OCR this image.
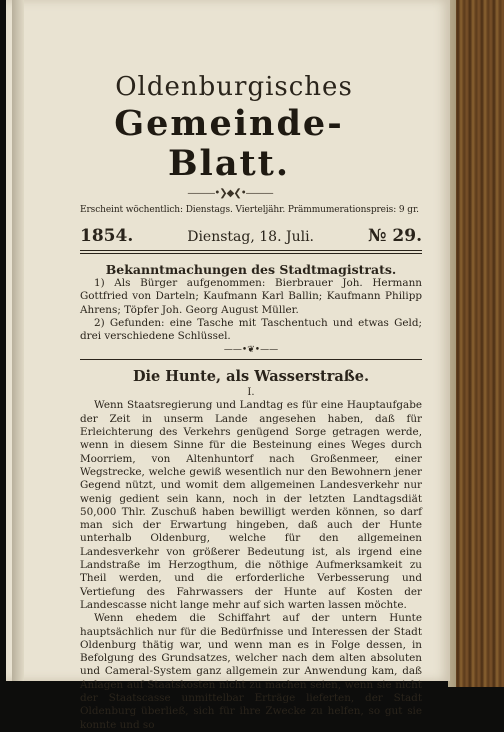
Oldenburgisches
Gemeinde-Blatt.
———•❯◆❮•———
Erscheint wöchentlich: Dienstags. Vierteljähr. Prämmumerationspreis: 9 gr.
1854.	Dienstag, 18. Juli.	№ 29.
Bekanntmachungen des Stadtmagistrats.
1) Als Bürger aufgenommen: Bierbrauer Joh. Hermann Gottfried von Darteln; Kaufmann Karl Ballin; Kaufmann Philipp Ahrens; Töpfer Joh. Georg August Müller.
2) Gefunden: eine Tasche mit Taschentuch und etwas Geld; drei verschiedene Schlüssel.
——•❦•——
Die Hunte, als Wasserstraße.
I.
Wenn Staatsregierung und Landtag es für eine Hauptaufgabe der Zeit in unserm Lande angesehen haben, daß für Erleichterung des Verkehrs genügend Sorge getragen werde, wenn in diesem Sinne für die Besteinung eines Weges durch Moorriem, von Altenhuntorf nach Großenmeer, einer Wegstrecke, welche gewiß wesentlich nur den Bewohnern jener Gegend nützt, und womit dem allgemeinen Landesverkehr nur wenig gedient sein kann, noch in der letzten Landtagsdiät 50,000 Thlr. Zuschuß haben bewilligt werden können, so darf man sich der Erwartung hingeben, daß auch der Hunte unterhalb Oldenburg, welche für den allgemeinen Landesverkehr von größerer Bedeutung ist, als irgend eine Landstraße im Herzogthum, die nöthige Aufmerksamkeit zu Theil werden, und die erforderliche Verbesserung und Vertiefung des Fahrwassers der Hunte auf Kosten der Landescasse nicht lange mehr auf sich warten lassen möchte.
Wenn ehedem die Schiffahrt auf der untern Hunte hauptsächlich nur für die Bedürfnisse und Interessen der Stadt Oldenburg thätig war, und wenn man es in Folge dessen, in Befolgung des Grundsatzes, welcher nach dem alten absoluten und Cameral-System ganz allgemein zur Anwendung kam, daß Anlagen auf Staatskosten nicht zu machen seien, wenn sie nicht der Staatscasse unmittelbar Erträge lieferten, der Stadt Oldenburg überließ, sich für ihre Zwecke zu helfen, so gut sie konnte und so
